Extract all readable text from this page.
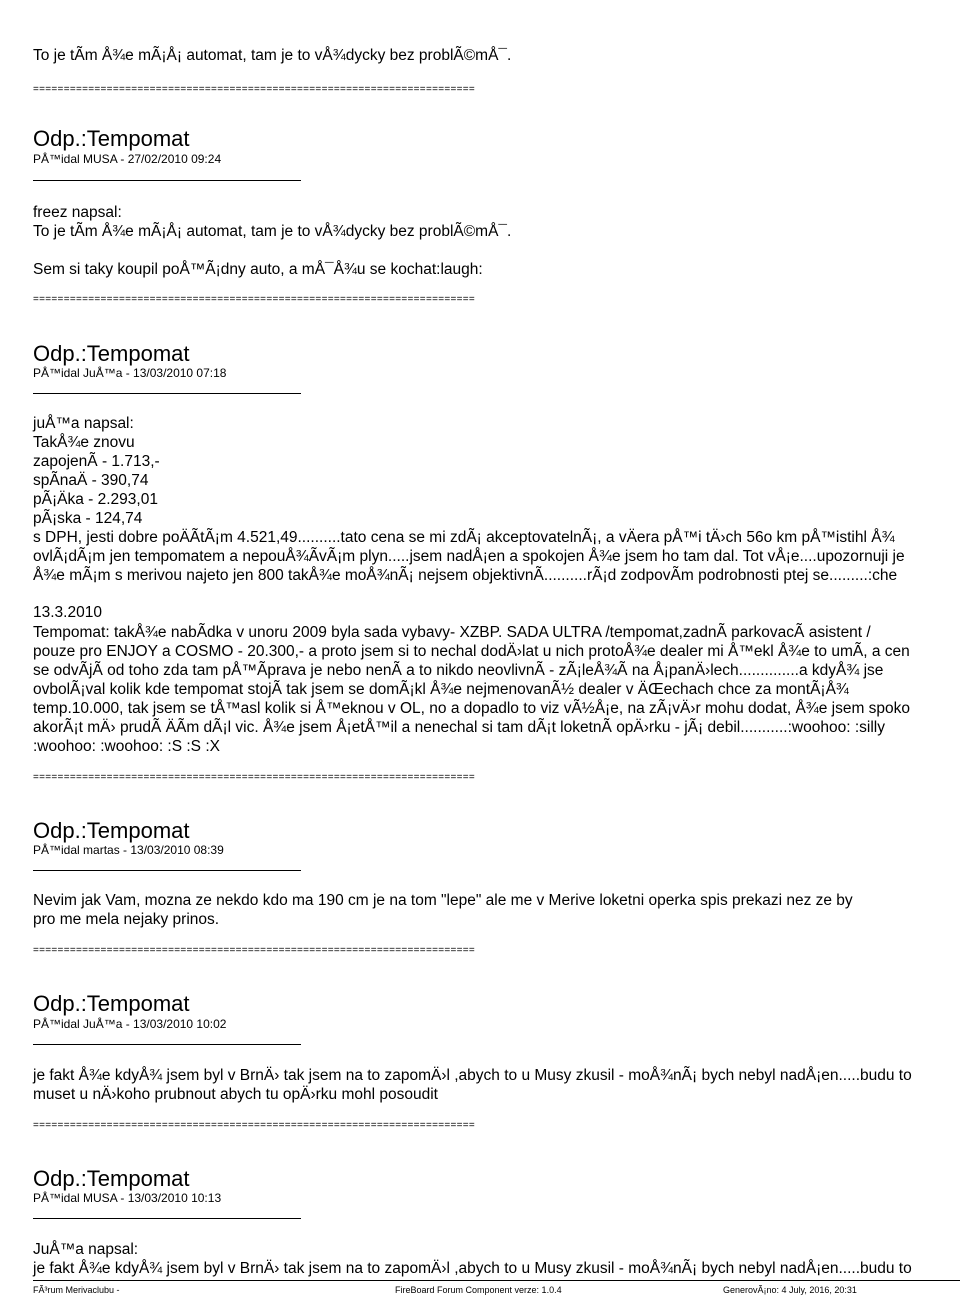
To je tÃm Å¾e mÃ¡Å¡ automat, tam je to vÅ¾dycky bez problÃ©mÅ¯.
========================================================================
Odp.:Tempomat
PÅ™idal MUSA - 27/02/2010 09:24
freez napsal:
To je tÃm Å¾e mÃ¡Å¡ automat, tam je to vÅ¾dycky bez problÃ©mÅ¯.
Sem si taky koupil poÅ™Ã¡dny auto, a mÅ¯Å¾u se kochat:laugh:
========================================================================
Odp.:Tempomat
PÅ™idal JuÅ™a - 13/03/2010 07:18
juÅ™a napsal:
TakÅ¾e znovu
zapojenÃ - 1.713,-
spÃnaÄ - 390,74
pÃ¡Äka - 2.293,01
pÃ¡ska - 124,74
s DPH, jesti dobre poÄÃtÃ¡m 4.521,49..........tato cena se mi zdÃ¡ akceptovatelnÃ¡, a vÄera pÅ™i tÄ›ch 56o km pÅ™istihl Å¾
ovlÃ¡dÃ¡m jen tempomatem a nepouÅ¾ÃvÃ¡m plyn.....jsem nadÅ¡en a spokojen Å¾e jsem ho tam dal. Tot vÅ¡e....upozornuji je
Å¾e mÃ¡m s merivou najeto jen 800 takÅ¾e moÅ¾nÃ¡ nejsem objektivnÃ..........rÃ¡d zodpovÃm podrobnosti ptej se.........:che
13.3.2010
Tempomat: takÅ¾e nabÃdka v unoru 2009 byla sada vybavy- XZBP. SADA ULTRA /tempomat,zadnÃ parkovacÃ asistent /
pouze pro ENJOY a COSMO - 20.300,- a proto jsem si to nechal dodÄ›lat u nich protoÅ¾e dealer mi Å™ekl Å¾e to umÃ, a cen
se odvÃjÃ od toho zda tam pÅ™Ãprava je nebo nenÃ a to nikdo neovlivnÃ - zÃ¡leÅ¾Ã na Å¡panÄ›lech..............a kdyÅ¾ jse
ovbolÃ¡val kolik kde tempomat stojÃ tak jsem se domÃ¡kl Å¾e nejmenovanÃ½ dealer v ÄŒechach chce za montÃ¡Å¾
temp.10.000, tak jsem se tÅ™asl kolik si Å™eknou v OL, no a dopadlo to viz vÃ½Å¡e, na zÃ¡vÄ›r mohu dodat, Å¾e jsem spoko
akorÃ¡t mÄ› prudÃ ÄÃm dÃ¡l vic. Å¾e jsem Å¡etÅ™il a nenechal si tam dÃ¡t loketnÃ opÄ›rku - jÃ¡ debil...........:woohoo: :silly
:woohoo: :woohoo: :S :S :X
========================================================================
Odp.:Tempomat
PÅ™idal martas - 13/03/2010 08:39
Nevim jak Vam, mozna ze nekdo kdo ma 190 cm je na tom "lepe" ale me v Merive loketni operka spis prekazi nez ze by
pro me mela nejaky prinos.
========================================================================
Odp.:Tempomat
PÅ™idal JuÅ™a - 13/03/2010 10:02
je fakt Å¾e kdyÅ¾ jsem byl v BrnÄ› tak jsem na to zapomÄ›l ,abych to u Musy zkusil - moÅ¾nÃ¡ bych nebyl nadÅ¡en.....budu to
muset u nÄ›koho prubnout abych tu opÄ›rku mohl posoudit
========================================================================
Odp.:Tempomat
PÅ™idal MUSA - 13/03/2010 10:13
JuÅ™a napsal:
je fakt Å¾e kdyÅ¾ jsem byl v BrnÄ› tak jsem na to zapomÄ›l ,abych to u Musy zkusil - moÅ¾nÃ¡ bych nebyl nadÅ¡en.....budu to
FÃ³rum Merivaclubu -	FireBoard Forum Component verze: 1.0.4	GenerovÃ¡no: 4 July, 2016, 20:31
